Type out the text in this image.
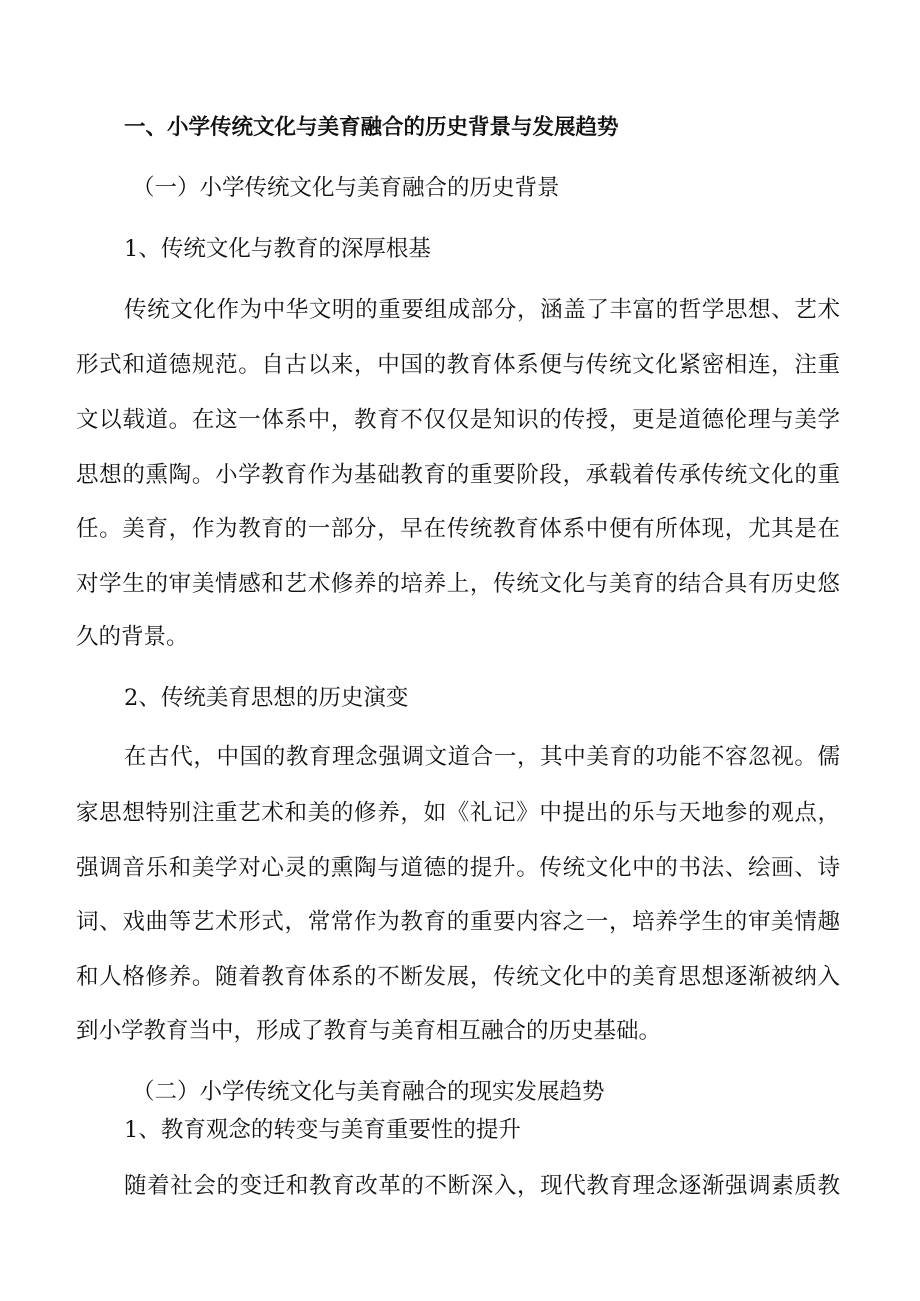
一、小学传统文化与美育融合的历史背景与发展趋势
（一）小学传统文化与美育融合的历史背景
1、传统文化与教育的深厚根基
传统文化作为中华文明的重要组成部分，涵盖了丰富的哲学思想、艺术
形式和道德规范。自古以来，中国的教育体系便与传统文化紧密相连，注重
文以载道。在这一体系中，教育不仅仅是知识的传授，更是道德伦理与美学
思想的熏陶。小学教育作为基础教育的重要阶段，承载着传承传统文化的重
任。美育，作为教育的一部分，早在传统教育体系中便有所体现，尤其是在
对学生的审美情感和艺术修养的培养上，传统文化与美育的结合具有历史悠
久的背景。
2、传统美育思想的历史演变
在古代，中国的教育理念强调文道合一，其中美育的功能不容忽视。儒
家思想特别注重艺术和美的修养，如《礼记》中提出的乐与天地参的观点，
强调音乐和美学对心灵的熏陶与道德的提升。传统文化中的书法、绘画、诗
词、戏曲等艺术形式，常常作为教育的重要内容之一，培养学生的审美情趣
和人格修养。随着教育体系的不断发展，传统文化中的美育思想逐渐被纳入
到小学教育当中，形成了教育与美育相互融合的历史基础。
（二）小学传统文化与美育融合的现实发展趋势
1、教育观念的转变与美育重要性的提升
随着社会的变迁和教育改革的不断深入，现代教育理念逐渐强调素质教
